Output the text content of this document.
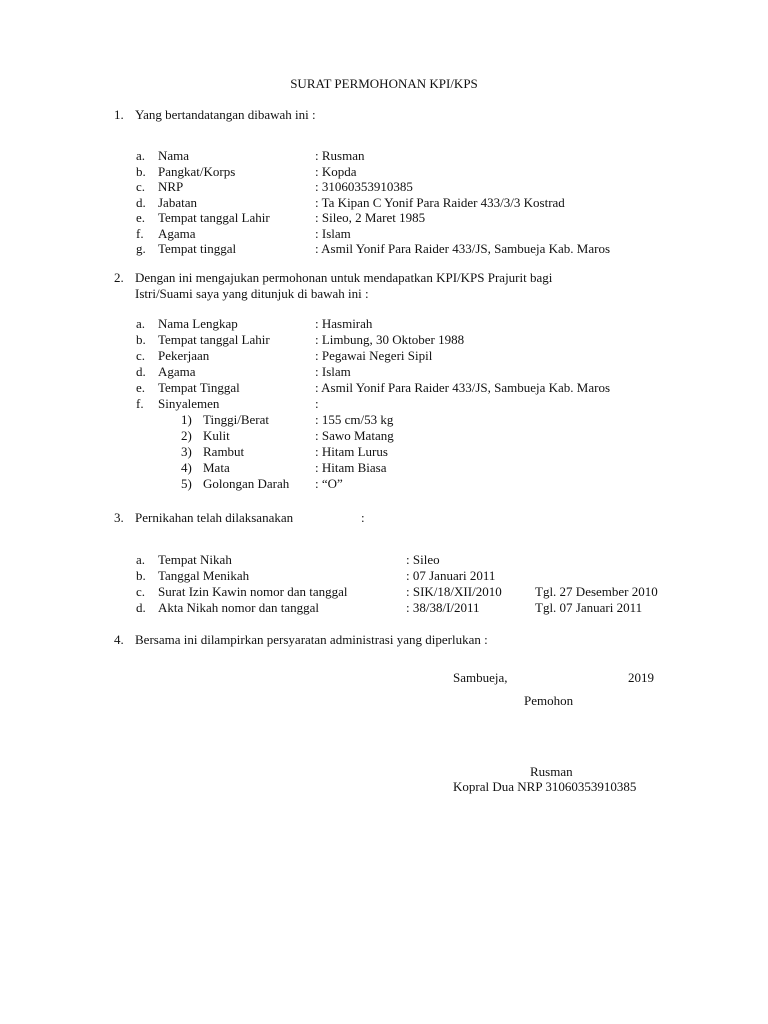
SURAT PERMOHONAN KPI/KPS
1. Yang bertandatangan dibawah ini :
a. Nama	: Rusman
b. Pangkat/Korps	: Kopda
c. NRP	: 31060353910385
d. Jabatan	: Ta Kipan C Yonif Para Raider 433/3/3 Kostrad
e. Tempat tanggal Lahir	: Sileo, 2 Maret 1985
f. Agama	: Islam
g. Tempat tinggal	: Asmil Yonif Para Raider 433/JS, Sambueja Kab. Maros
2. Dengan ini mengajukan permohonan untuk mendapatkan KPI/KPS Prajurit bagi
Istri/Suami saya yang ditunjuk di bawah ini :
a. Nama Lengkap	: Hasmirah
b. Tempat tanggal Lahir	: Limbung, 30 Oktober 1988
c. Pekerjaan	: Pegawai Negeri Sipil
d. Agama	: Islam
e. Tempat Tinggal	: Asmil Yonif Para Raider 433/JS, Sambueja Kab. Maros
f. Sinyalemen	:
1) Tinggi/Berat	: 155 cm/53 kg
2) Kulit	: Sawo Matang
3) Rambut	: Hitam Lurus
4) Mata	: Hitam Biasa
5) Golongan Darah : “O”
3. Pernikahan telah dilaksanakan	:
a. Tempat Nikah	: Sileo
b. Tanggal Menikah	: 07 Januari 2011
c. Surat Izin Kawin nomor dan tanggal	: SIK/18/XII/2010	Tgl. 27 Desember 2010
d. Akta Nikah nomor dan tanggal	: 38/38/I/2011	Tgl. 07 Januari 2011
4. Bersama ini dilampirkan persyaratan administrasi yang diperlukan :
Sambueja,	2019
Pemohon
Rusman
Kopral Dua NRP 31060353910385
